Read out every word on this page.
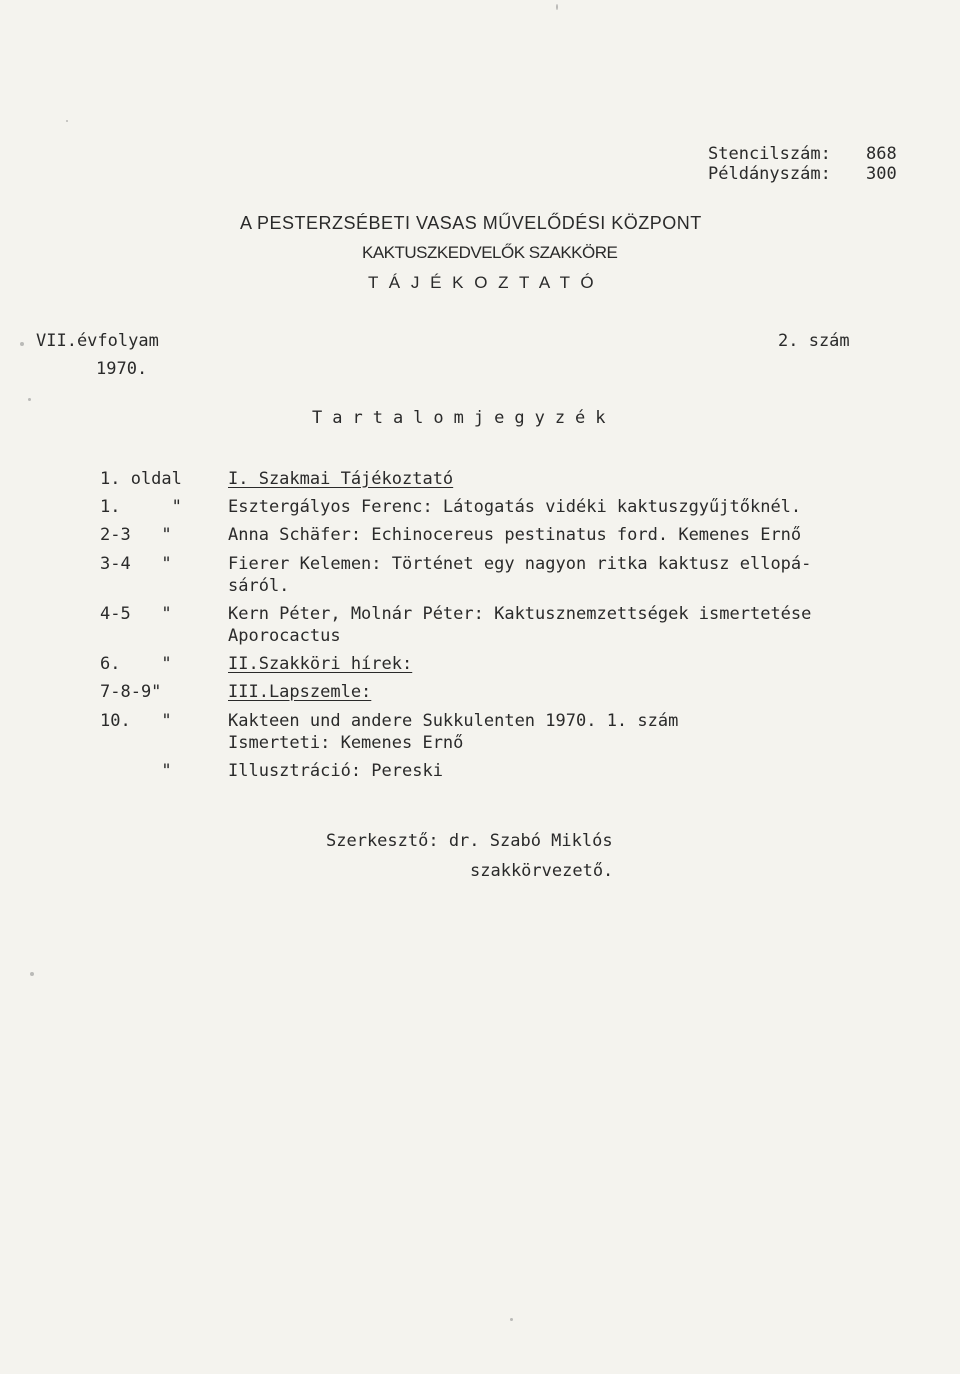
Stencilszám: 868
Példányszám: 300
A PESTERZSÉBETI VASAS MŰVELŐDÉSI KÖZPONT
KAKTUSZKEDVELŐK SZAKKÖRE
T Á J É K O Z T A T Ó
VII.évfolyam
1970.
2. szám
Tartalomjegyzék
1. oldal	I. Szakmai Tájékoztató
1.     "	Esztergályos Ferenc: Látogatás vidéki kaktuszgyűjtőknél.
2-3   "	Anna Schäfer: Echinocereus pestinatus ford. Kemenes Ernő
3-4   "	Fierer Kelemen: Történet egy nagyon ritka kaktusz ellopá-
sáról.
4-5   "	Kern Péter, Molnár Péter: Kaktusznemzettségek ismertetése
Aporocactus
6.    "	II.Szakköri hírek:
7-8-9"	III.Lapszemle:
10.   "	Kakteen und andere Sukkulenten 1970. 1. szám
Ismerteti: Kemenes Ernő
"	Illusztráció: Pereski
Szerkesztő: dr. Szabó Miklós
szakkörvezető.
